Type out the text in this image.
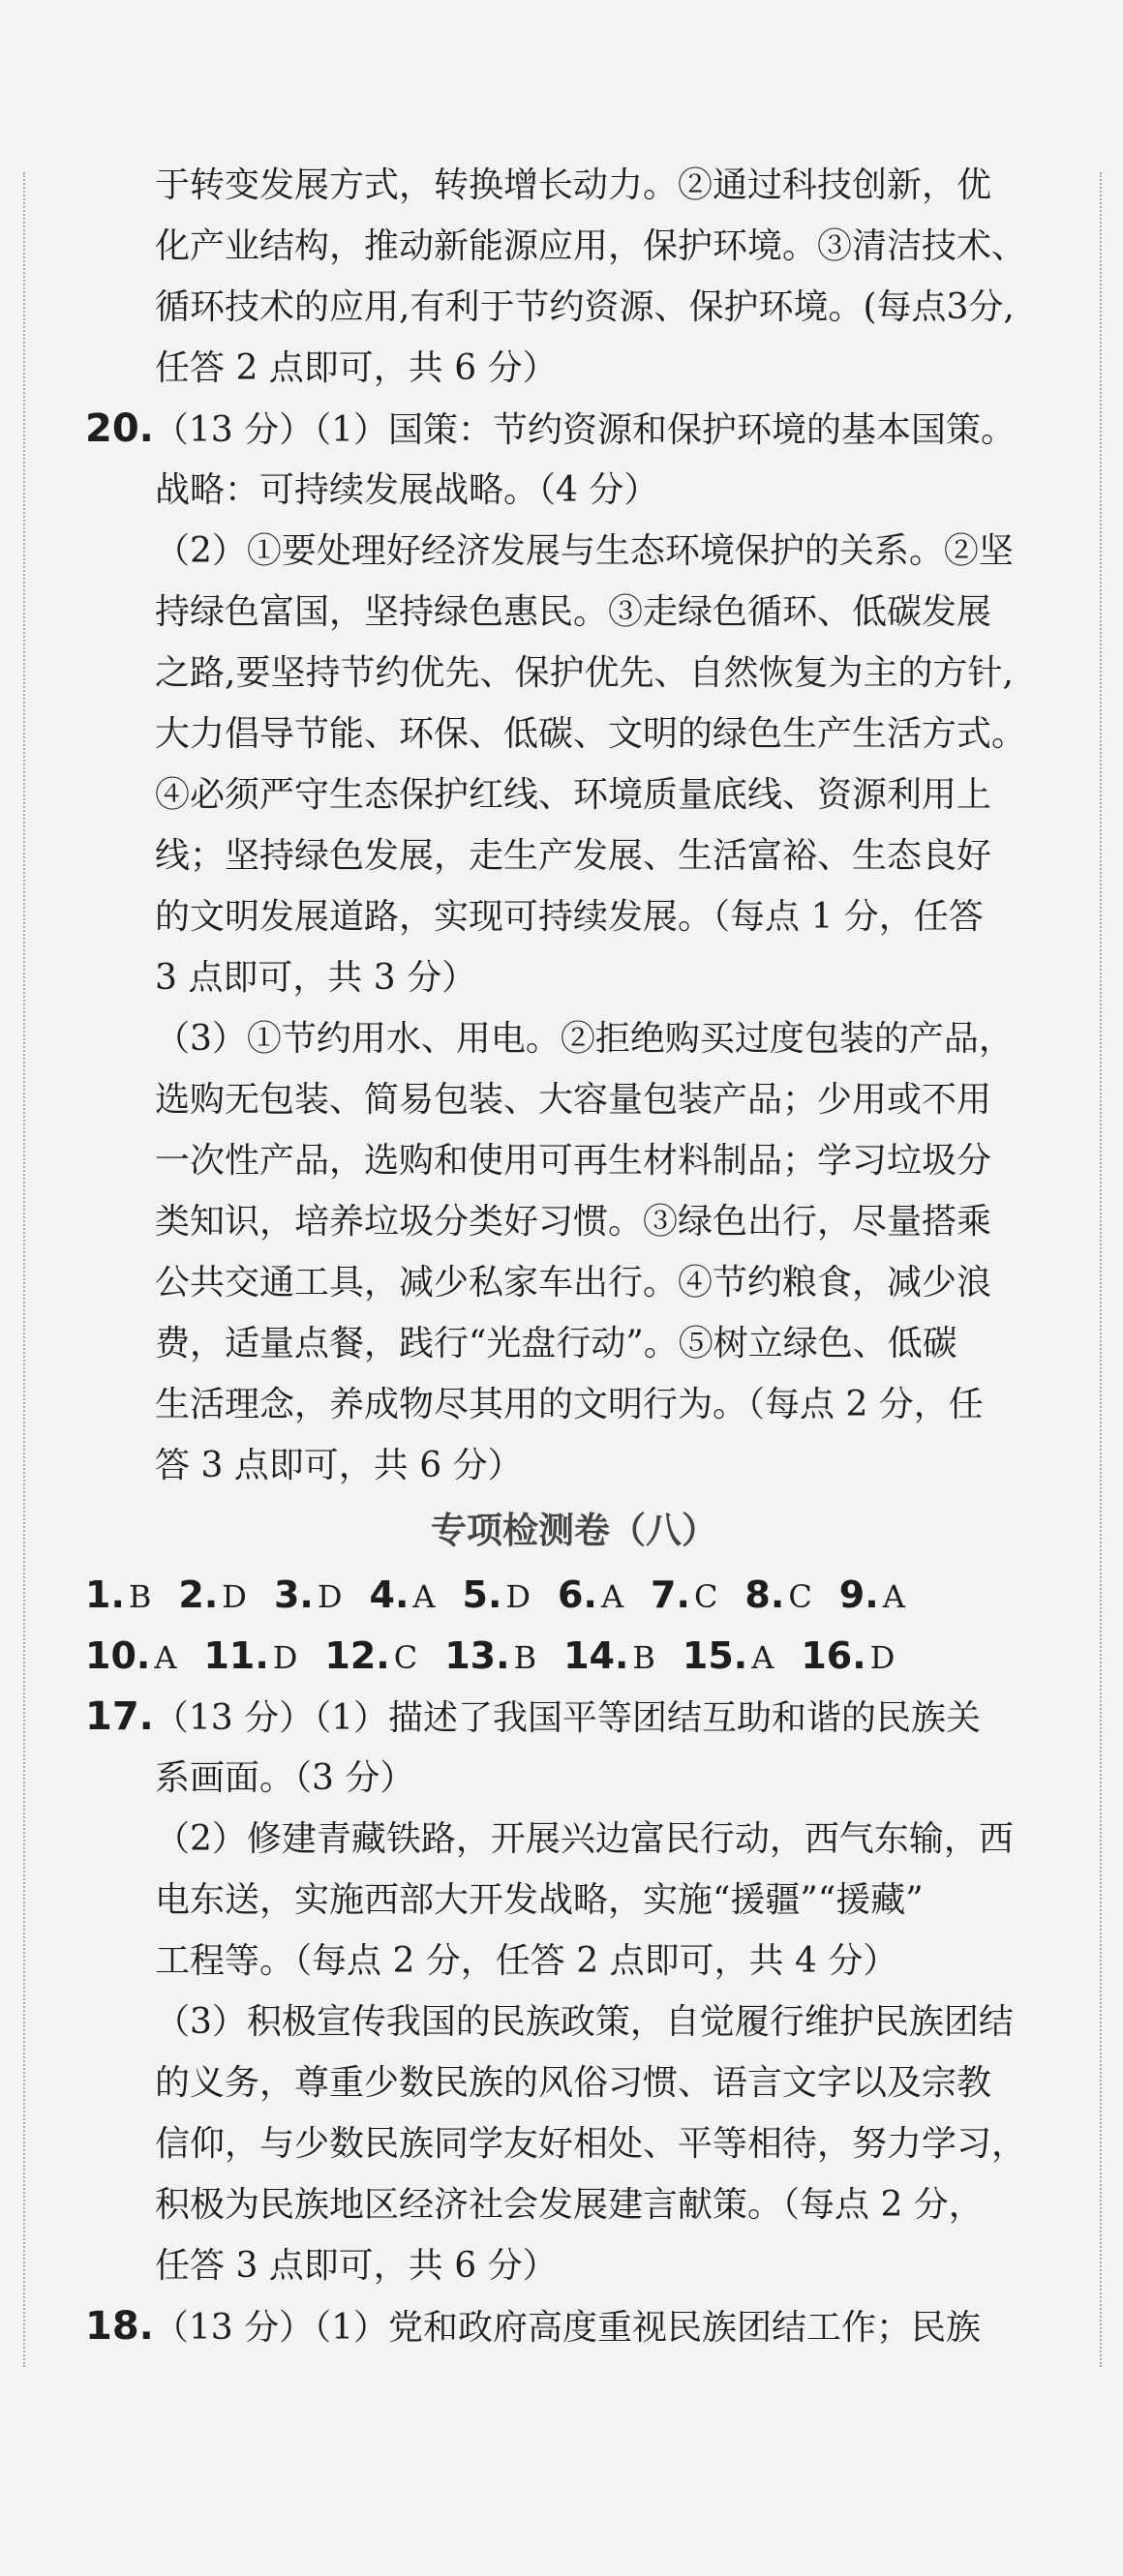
于转变发展方式，转换增长动力。②通过科技创新，优
化产业结构，推动新能源应用，保护环境。③清洁技术、
循环技术的应用,有利于节约资源、保护环境。(每点3分,
任答 2 点即可，共 6 分）
20.（13 分）（1）国策：节约资源和保护环境的基本国策。
战略：可持续发展战略。（4 分）
（2）①要处理好经济发展与生态环境保护的关系。②坚
持绿色富国，坚持绿色惠民。③走绿色循环、低碳发展
之路,要坚持节约优先、保护优先、自然恢复为主的方针,
大力倡导节能、环保、低碳、文明的绿色生产生活方式。
④必须严守生态保护红线、环境质量底线、资源利用上
线；坚持绿色发展，走生产发展、生活富裕、生态良好
的文明发展道路，实现可持续发展。（每点 1 分，任答
3 点即可，共 3 分）
（3）①节约用水、用电。②拒绝购买过度包装的产品，
选购无包装、简易包装、大容量包装产品；少用或不用
一次性产品，选购和使用可再生材料制品；学习垃圾分
类知识，培养垃圾分类好习惯。③绿色出行，尽量搭乘
公共交通工具，减少私家车出行。④节约粮食，减少浪
费，适量点餐，践行“光盘行动”。⑤树立绿色、低碳
生活理念，养成物尽其用的文明行为。（每点 2 分，任
答 3 点即可，共 6 分）
专项检测卷（八）
1. B 2. D 3. D 4. A 5. D 6. A 7. C 8. C 9. A
10. A 11. D 12. C 13. B 14. B 15. A 16. D
17.（13 分）（1）描述了我国平等团结互助和谐的民族关
系画面。（3 分）
（2）修建青藏铁路，开展兴边富民行动，西气东输，西
电东送，实施西部大开发战略，实施“援疆”“援藏”
工程等。（每点 2 分，任答 2 点即可，共 4 分）
（3）积极宣传我国的民族政策，自觉履行维护民族团结
的义务，尊重少数民族的风俗习惯、语言文字以及宗教
信仰，与少数民族同学友好相处、平等相待，努力学习，
积极为民族地区经济社会发展建言献策。（每点 2 分，
任答 3 点即可，共 6 分）
18.（13 分）（1）党和政府高度重视民族团结工作；民族
